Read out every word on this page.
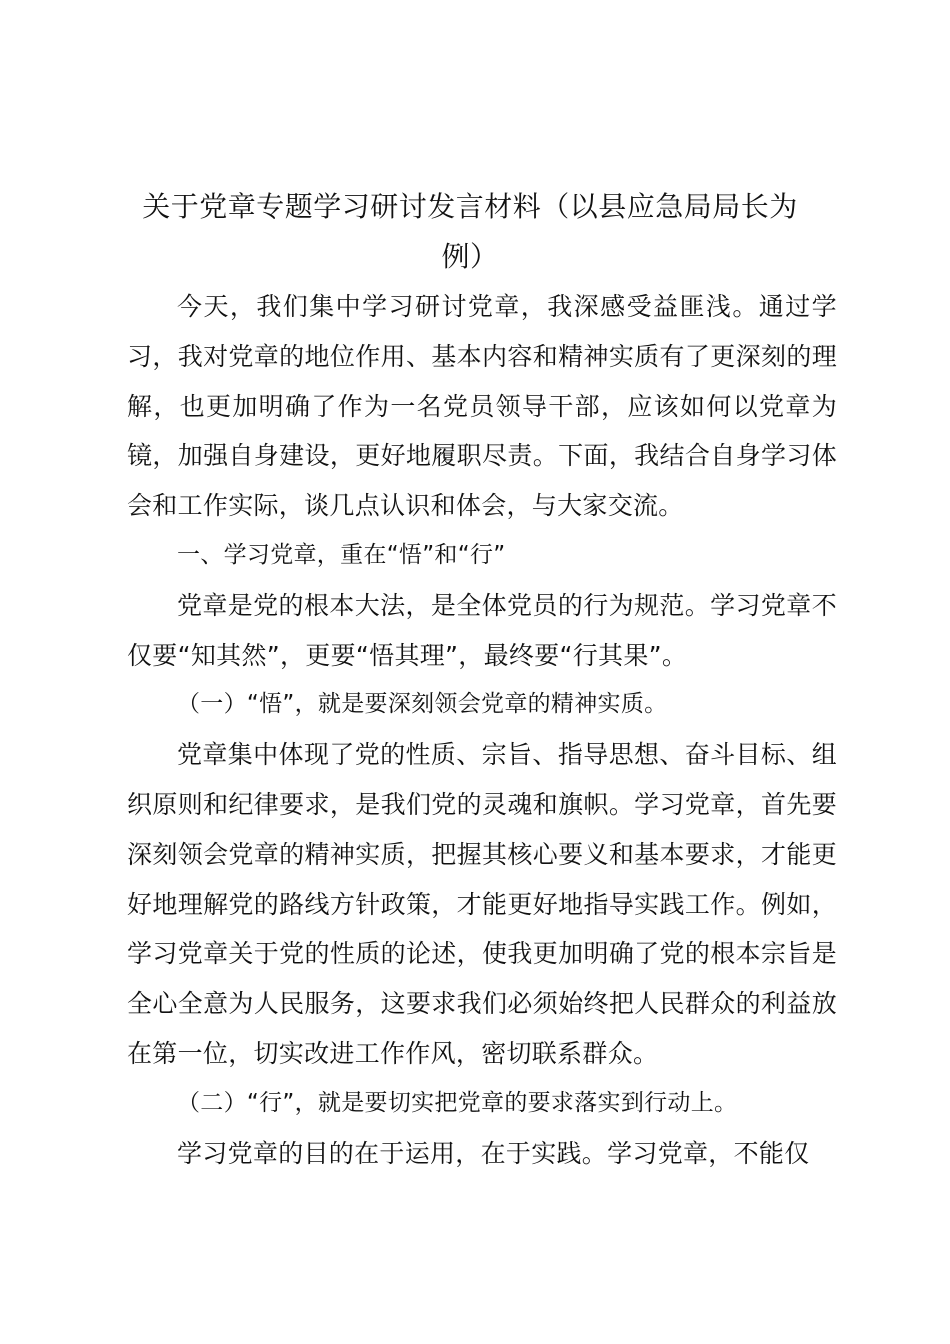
关于党章专题学习研讨发言材料（以县应急局局长为
例）

今天，我们集中学习研讨党章，我深感受益匪浅。通过学习，我对党章的地位作用、基本内容和精神实质有了更深刻的理解，也更加明确了作为一名党员领导干部，应该如何以党章为镜，加强自身建设，更好地履职尽责。下面，我结合自身学习体会和工作实际，谈几点认识和体会，与大家交流。

一、学习党章，重在“悟”和“行”

党章是党的根本大法，是全体党员的行为规范。学习党章不仅要“知其然”，更要“悟其理”，最终要“行其果”。

（一）“悟”，就是要深刻领会党章的精神实质。

党章集中体现了党的性质、宗旨、指导思想、奋斗目标、组织原则和纪律要求，是我们党的灵魂和旗帜。学习党章，首先要深刻领会党章的精神实质，把握其核心要义和基本要求，才能更好地理解党的路线方针政策，才能更好地指导实践工作。例如，学习党章关于党的性质的论述，使我更加明确了党的根本宗旨是全心全意为人民服务，这要求我们必须始终把人民群众的利益放在第一位，切实改进工作作风，密切联系群众。

（二）“行”，就是要切实把党章的要求落实到行动上。

学习党章的目的在于运用，在于实践。学习党章，不能仅
